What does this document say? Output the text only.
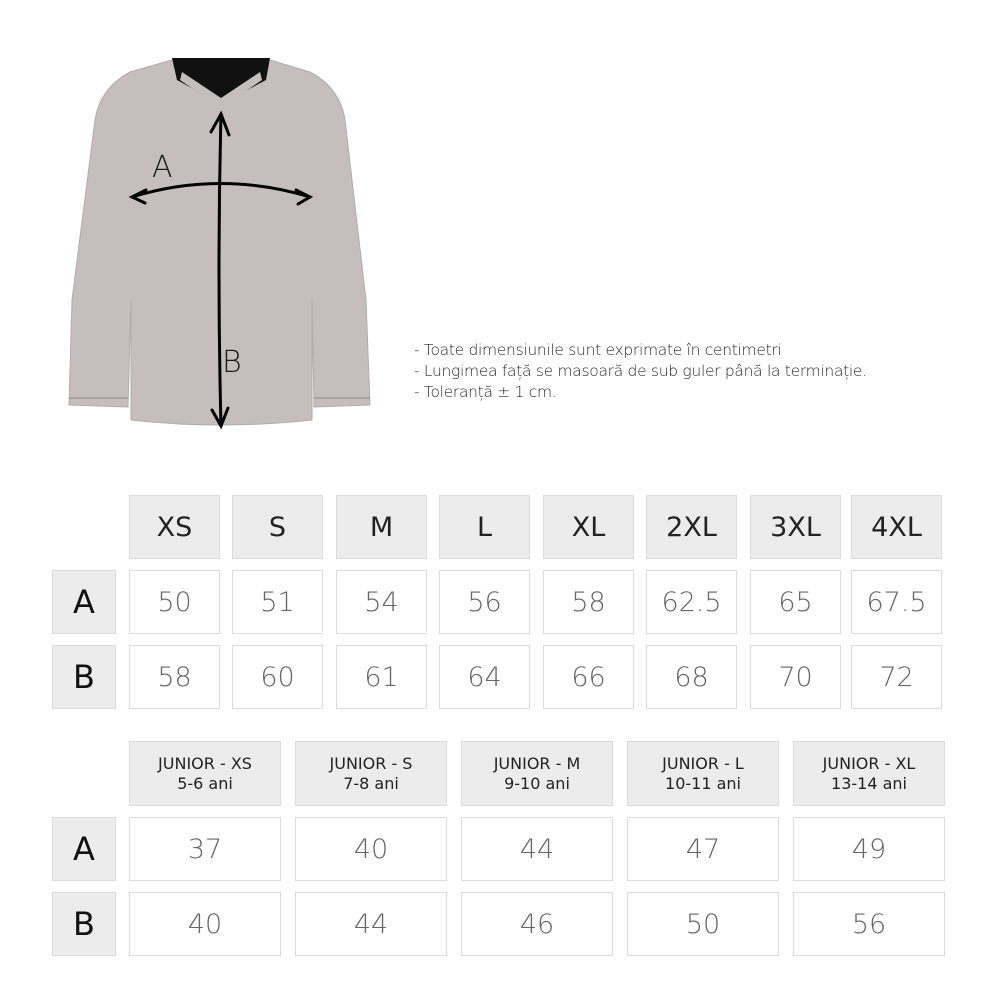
A
B	- Toate dimensiunile sunt exprimate în centimetri
- Lungimea față se masoară de sub guler până la terminație.
- Toleranță ± 1 cm.
XS	S	M	L	XL	2XL	3XL	4XL
A	50	51	54	56	58	62.5	65	67.5
B	58	60	61	64	66	68	70	72
JUNIOR - XS
5-6 ani
JUNIOR - S
7-8 ani
JUNIOR - M
9-10 ani
JUNIOR - L
10-11 ani
JUNIOR - XL
13-14 ani
A	37	40	44	47	49
B	40	44	46	50	56
